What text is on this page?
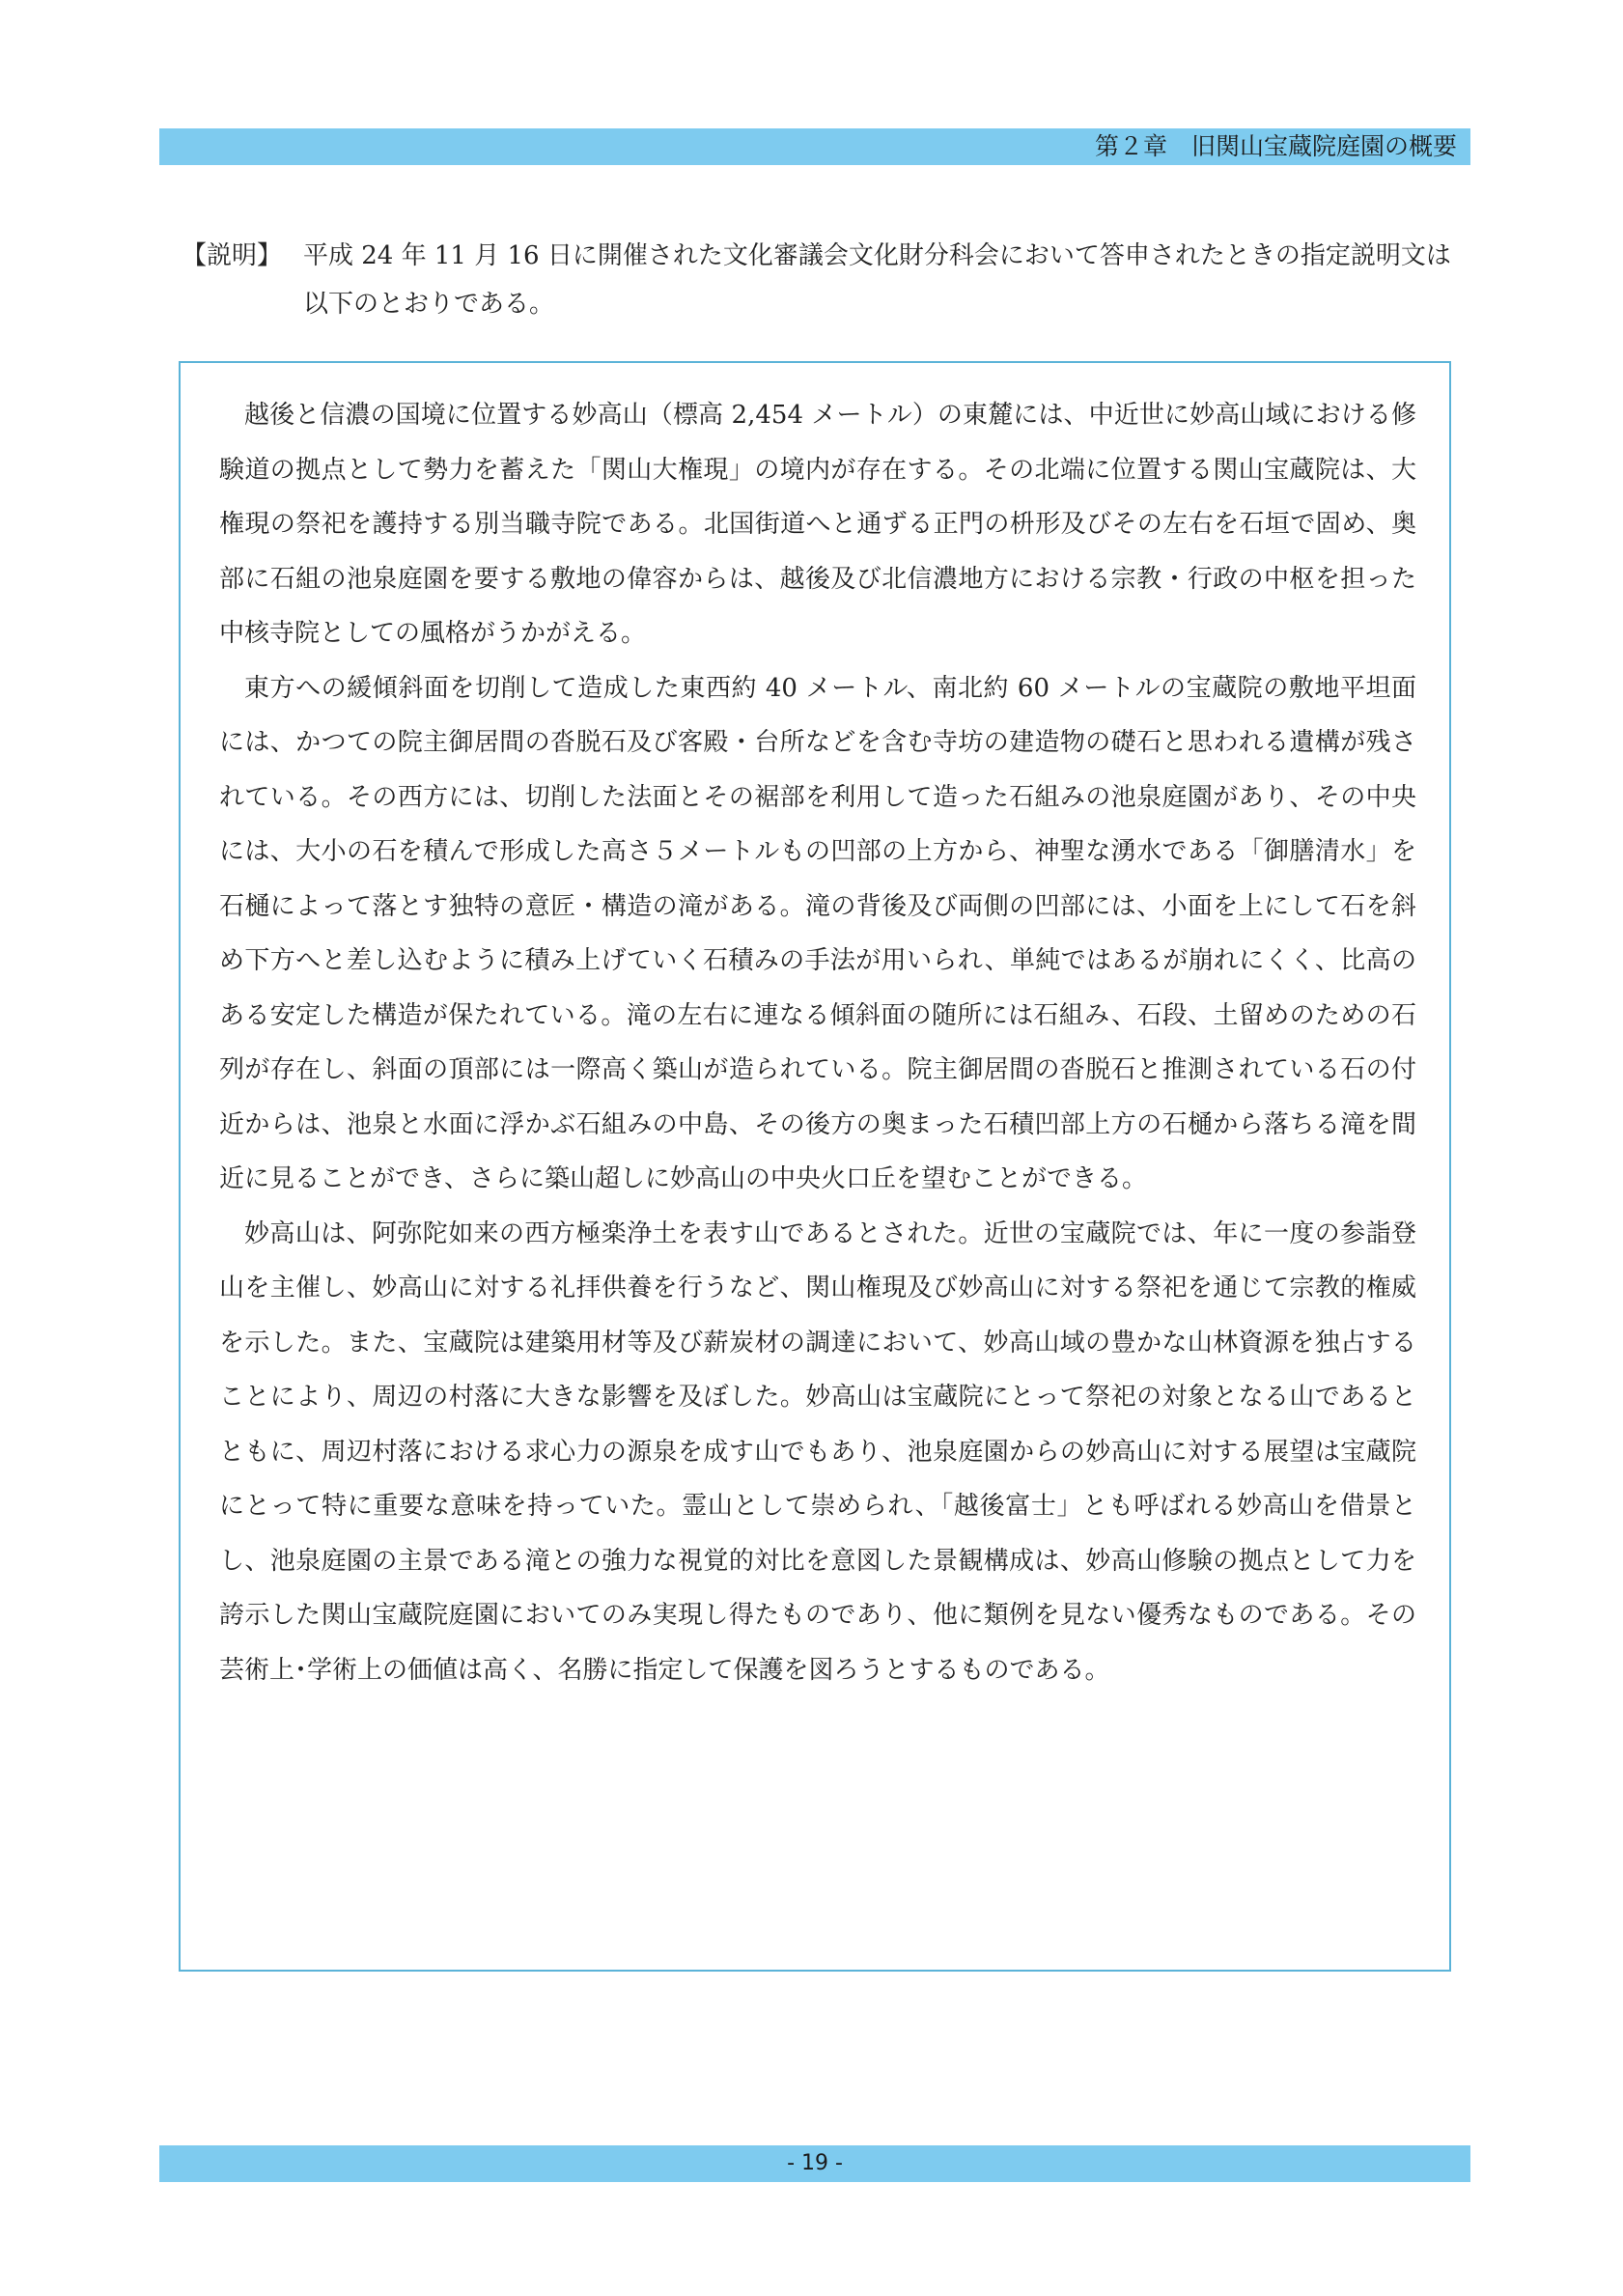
第２章　旧関山宝蔵院庭園の概要
【説明】 平成 24 年 11 月 16 日に開催された文化審議会文化財分科会において答申されたときの指定説明文は以下のとおりである。

越後と信濃の国境に位置する妙高山（標高 2,454 メートル）の東麓には、中近世に妙高山域における修験道の拠点として勢力を蓄えた「関山大権現」の境内が存在する。その北端に位置する関山宝蔵院は、大権現の祭祀を護持する別当職寺院である。北国街道へと通ずる正門の枡形及びその左右を石垣で固め、奥部に石組の池泉庭園を要する敷地の偉容からは、越後及び北信濃地方における宗教・行政の中枢を担った中核寺院としての風格がうかがえる。

東方への緩傾斜面を切削して造成した東西約 40 メートル、南北約 60 メートルの宝蔵院の敷地平坦面には、かつての院主御居間の沓脱石及び客殿・台所などを含む寺坊の建造物の礎石と思われる遺構が残されている。その西方には、切削した法面とその裾部を利用して造った石組みの池泉庭園があり、その中央には、大小の石を積んで形成した高さ５メートルもの凹部の上方から、神聖な湧水である「御膳清水」を石樋によって落とす独特の意匠・構造の滝がある。滝の背後及び両側の凹部には、小面を上にして石を斜め下方へと差し込むように積み上げていく石積みの手法が用いられ、単純ではあるが崩れにくく、比高のある安定した構造が保たれている。滝の左右に連なる傾斜面の随所には石組み、石段、土留めのための石列が存在し、斜面の頂部には一際高く築山が造られている。院主御居間の沓脱石と推測されている石の付近からは、池泉と水面に浮かぶ石組みの中島、その後方の奥まった石積凹部上方の石樋から落ちる滝を間近に見ることができ、さらに築山超しに妙高山の中央火口丘を望むことができる。

妙高山は、阿弥陀如来の西方極楽浄土を表す山であるとされた。近世の宝蔵院では、年に一度の参詣登山を主催し、妙高山に対する礼拝供養を行うなど、関山権現及び妙高山に対する祭祀を通じて宗教的権威を示した。また、宝蔵院は建築用材等及び薪炭材の調達において、妙高山域の豊かな山林資源を独占することにより、周辺の村落に大きな影響を及ぼした。妙高山は宝蔵院にとって祭祀の対象となる山であるとともに、周辺村落における求心力の源泉を成す山でもあり、池泉庭園からの妙高山に対する展望は宝蔵院にとって特に重要な意味を持っていた。霊山として崇められ、「越後富士」とも呼ばれる妙高山を借景とし、池泉庭園の主景である滝との強力な視覚的対比を意図した景観構成は、妙高山修験の拠点として力を誇示した関山宝蔵院庭園においてのみ実現し得たものであり、他に類例を見ない優秀なものである。その芸術上･学術上の価値は高く、名勝に指定して保護を図ろうとするものである。

- 19 -
